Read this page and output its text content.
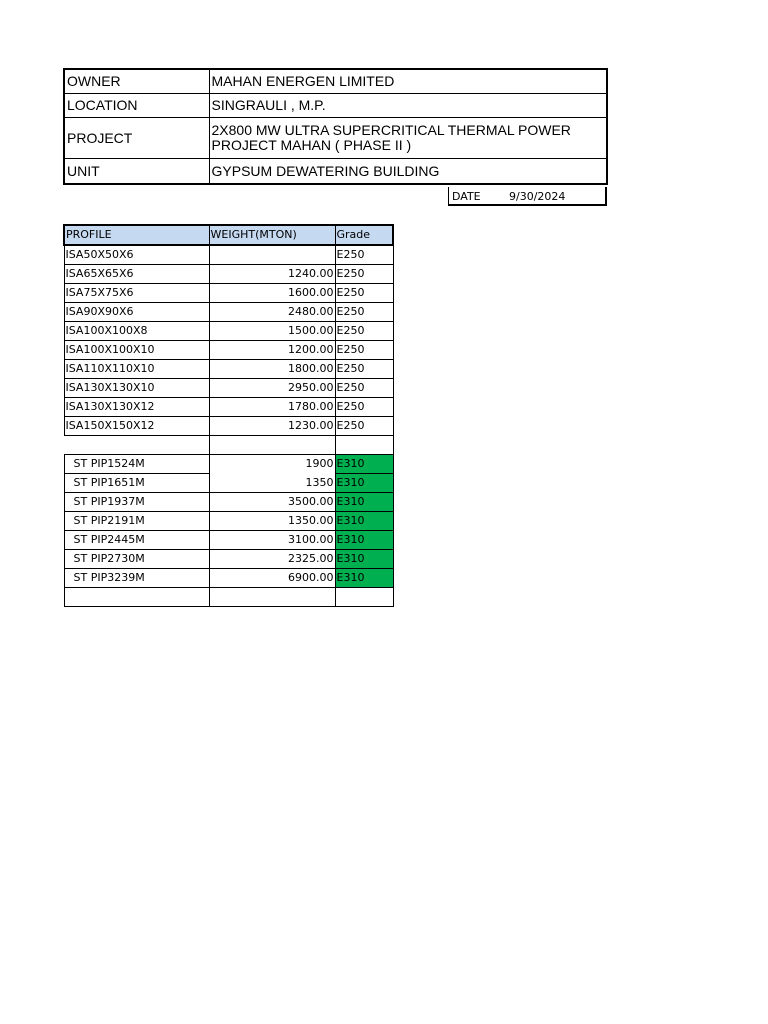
OWNER	MAHAN ENERGEN LIMITED
LOCATION	SINGRAULI , M.P.
PROJECT	2X800 MW ULTRA SUPERCRITICAL THERMAL POWER
PROJECT MAHAN ( PHASE II )

UNIT	GYPSUM DEWATERING BUILDING
DATE	9/30/2024
PROFILE	WEIGHT(MTON)	Grade
ISA50X50X6		E250
ISA65X65X6	1240.00	E250
ISA75X75X6	1600.00	E250
ISA90X90X6	2480.00	E250
ISA100X100X8	1500.00	E250
ISA100X100X10	1200.00	E250
ISA110X110X10	1800.00	E250
ISA130X130X10	2950.00	E250
ISA130X130X12	1780.00	E250
ISA150X150X12	1230.00	E250

ST PIP1524M	1900	E310
ST PIP1651M	1350	E310
ST PIP1937M	3500.00	E310
ST PIP2191M	1350.00	E310
ST PIP2445M	3100.00	E310
ST PIP2730M	2325.00	E310
ST PIP3239M	6900.00	E310
